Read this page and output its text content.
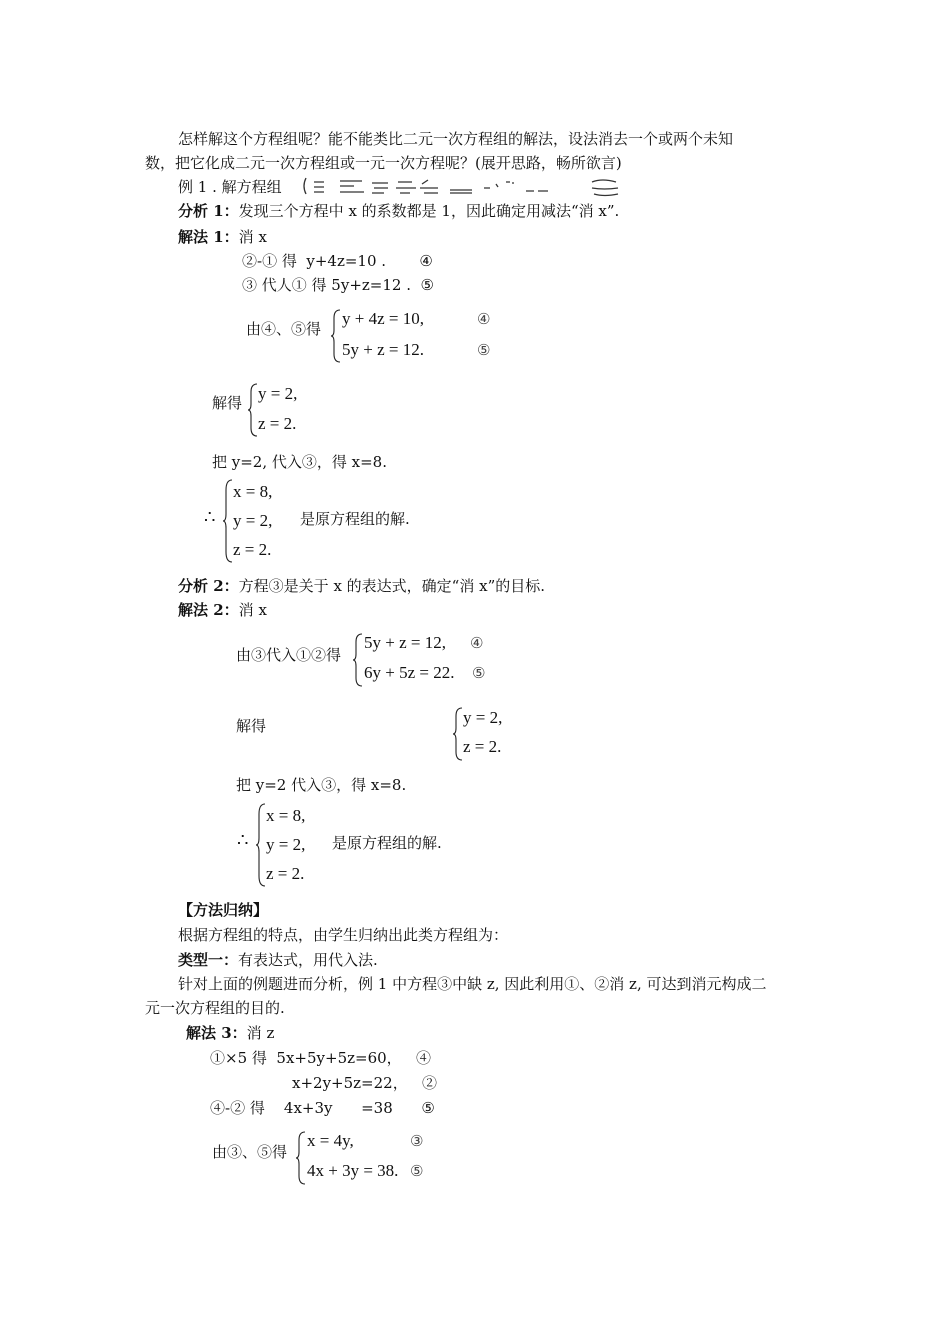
怎样解这个方程组呢？能不能类比二元一次方程组的解法，设法消去一个或两个未知
数，把它化成二元一次方程组或一元一次方程呢？(展开思路，畅所欲言)
例 1 . 解方程组
分析 1：发现三个方程中 x 的系数都是 1，因此确定用减法“消 x”.
解法 1：消 x
②-① 得  y+4z=10 .       ④
③ 代人① 得 5y+z=12 .  ⑤
由④、⑤得
y + 4z = 10,	④
5y + z = 12.	⑤
解得 y = 2,
z = 2.
把 y=2, 代入③，得 x=8.
∴
x = 8,
y = 2,
z = 2.
是原方程组的解.
分析 2：方程③是关于 x 的表达式，确定“消 x”的目标.
解法 2：消 x
由③代入①②得
5y + z = 12, ④
6y + 5z = 22. ⑤
解得	y = 2,
z = 2.
把 y=2 代入③，得 x=8.
∴
x = 8,
y = 2,
z = 2.
是原方程组的解.
【方法归纳】
根据方程组的特点，由学生归纳出此类方程组为：
类型一：有表达式，用代入法.
针对上面的例题进而分析，例 1 中方程③中缺 z, 因此利用①、②消 z, 可达到消元构成二
元一次方程组的目的.
解法 3：消 z
①×5 得  5x+5y+5z=60，   ④
x+2y+5z=22，   ②
④-② 得    4x+3y      =38      ⑤
由③、⑤得
x = 4y,	③
4x + 3y = 38. ⑤
